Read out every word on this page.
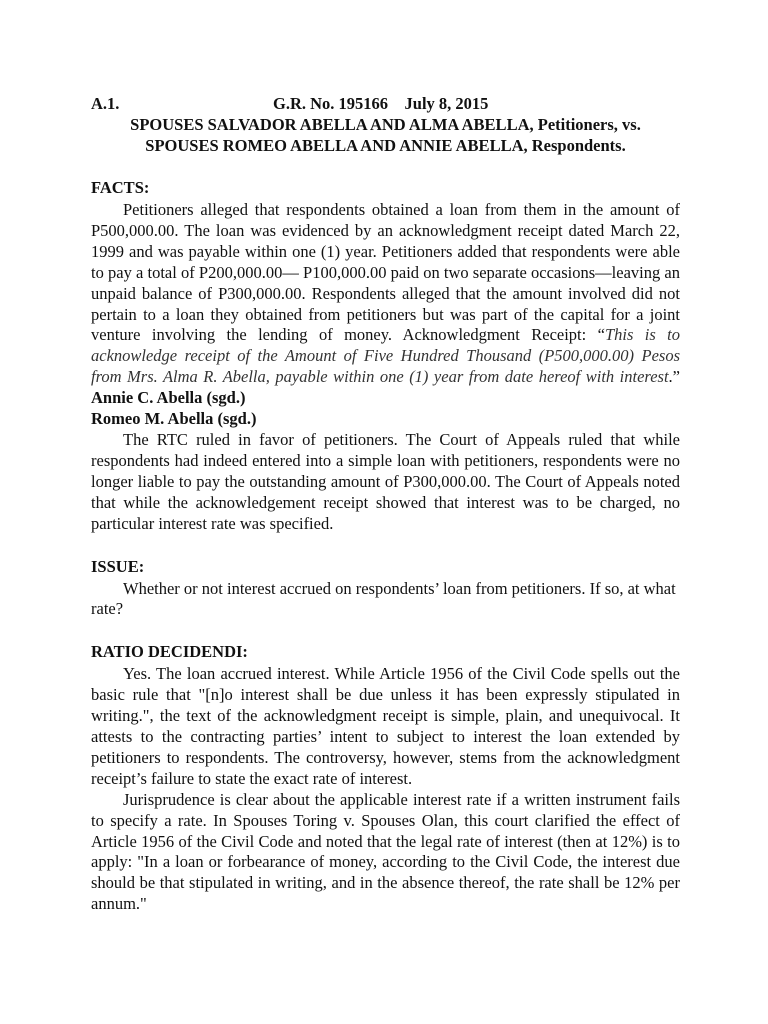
A.1.	G.R. No. 195166    July 8, 2015
SPOUSES SALVADOR ABELLA AND ALMA ABELLA, Petitioners, vs.
SPOUSES ROMEO ABELLA AND ANNIE ABELLA, Respondents.
FACTS:

Petitioners alleged that respondents obtained a loan from them in the amount of P500,000.00. The loan was evidenced by an acknowledgment receipt dated March 22, 1999 and was payable within one (1) year. Petitioners added that respondents were able to pay a total of P200,000.00— P100,000.00 paid on two separate occasions—leaving an unpaid balance of P300,000.00. Respondents alleged that the amount involved did not pertain to a loan they obtained from petitioners but was part of the capital for a joint venture involving the lending of money. Acknowledgment Receipt: “This is to acknowledge receipt of the Amount of Five Hundred Thousand (P500,000.00) Pesos from Mrs. Alma R. Abella, payable within one (1) year from date hereof with interest.” Annie C. Abella (sgd.)
Romeo M. Abella (sgd.)

The RTC ruled in favor of petitioners. The Court of Appeals ruled that while respondents had indeed entered into a simple loan with petitioners, respondents were no longer liable to pay the outstanding amount of P300,000.00. The Court of Appeals noted that while the acknowledgement receipt showed that interest was to be charged, no particular interest rate was specified.

ISSUE:

Whether or not interest accrued on respondents’ loan from petitioners. If so, at what rate?

RATIO DECIDENDI:

Yes. The loan accrued interest. While Article 1956 of the Civil Code spells out the basic rule that "[n]o interest shall be due unless it has been expressly stipulated in writing.", the text of the acknowledgment receipt is simple, plain, and unequivocal. It attests to the contracting parties’ intent to subject to interest the loan extended by petitioners to respondents. The controversy, however, stems from the acknowledgment receipt’s failure to state the exact rate of interest.

Jurisprudence is clear about the applicable interest rate if a written instrument fails to specify a rate. In Spouses Toring v. Spouses Olan, this court clarified the effect of Article 1956 of the Civil Code and noted that the legal rate of interest (then at 12%) is to apply: "In a loan or forbearance of money, according to the Civil Code, the interest due should be that stipulated in writing, and in the absence thereof, the rate shall be 12% per annum."
